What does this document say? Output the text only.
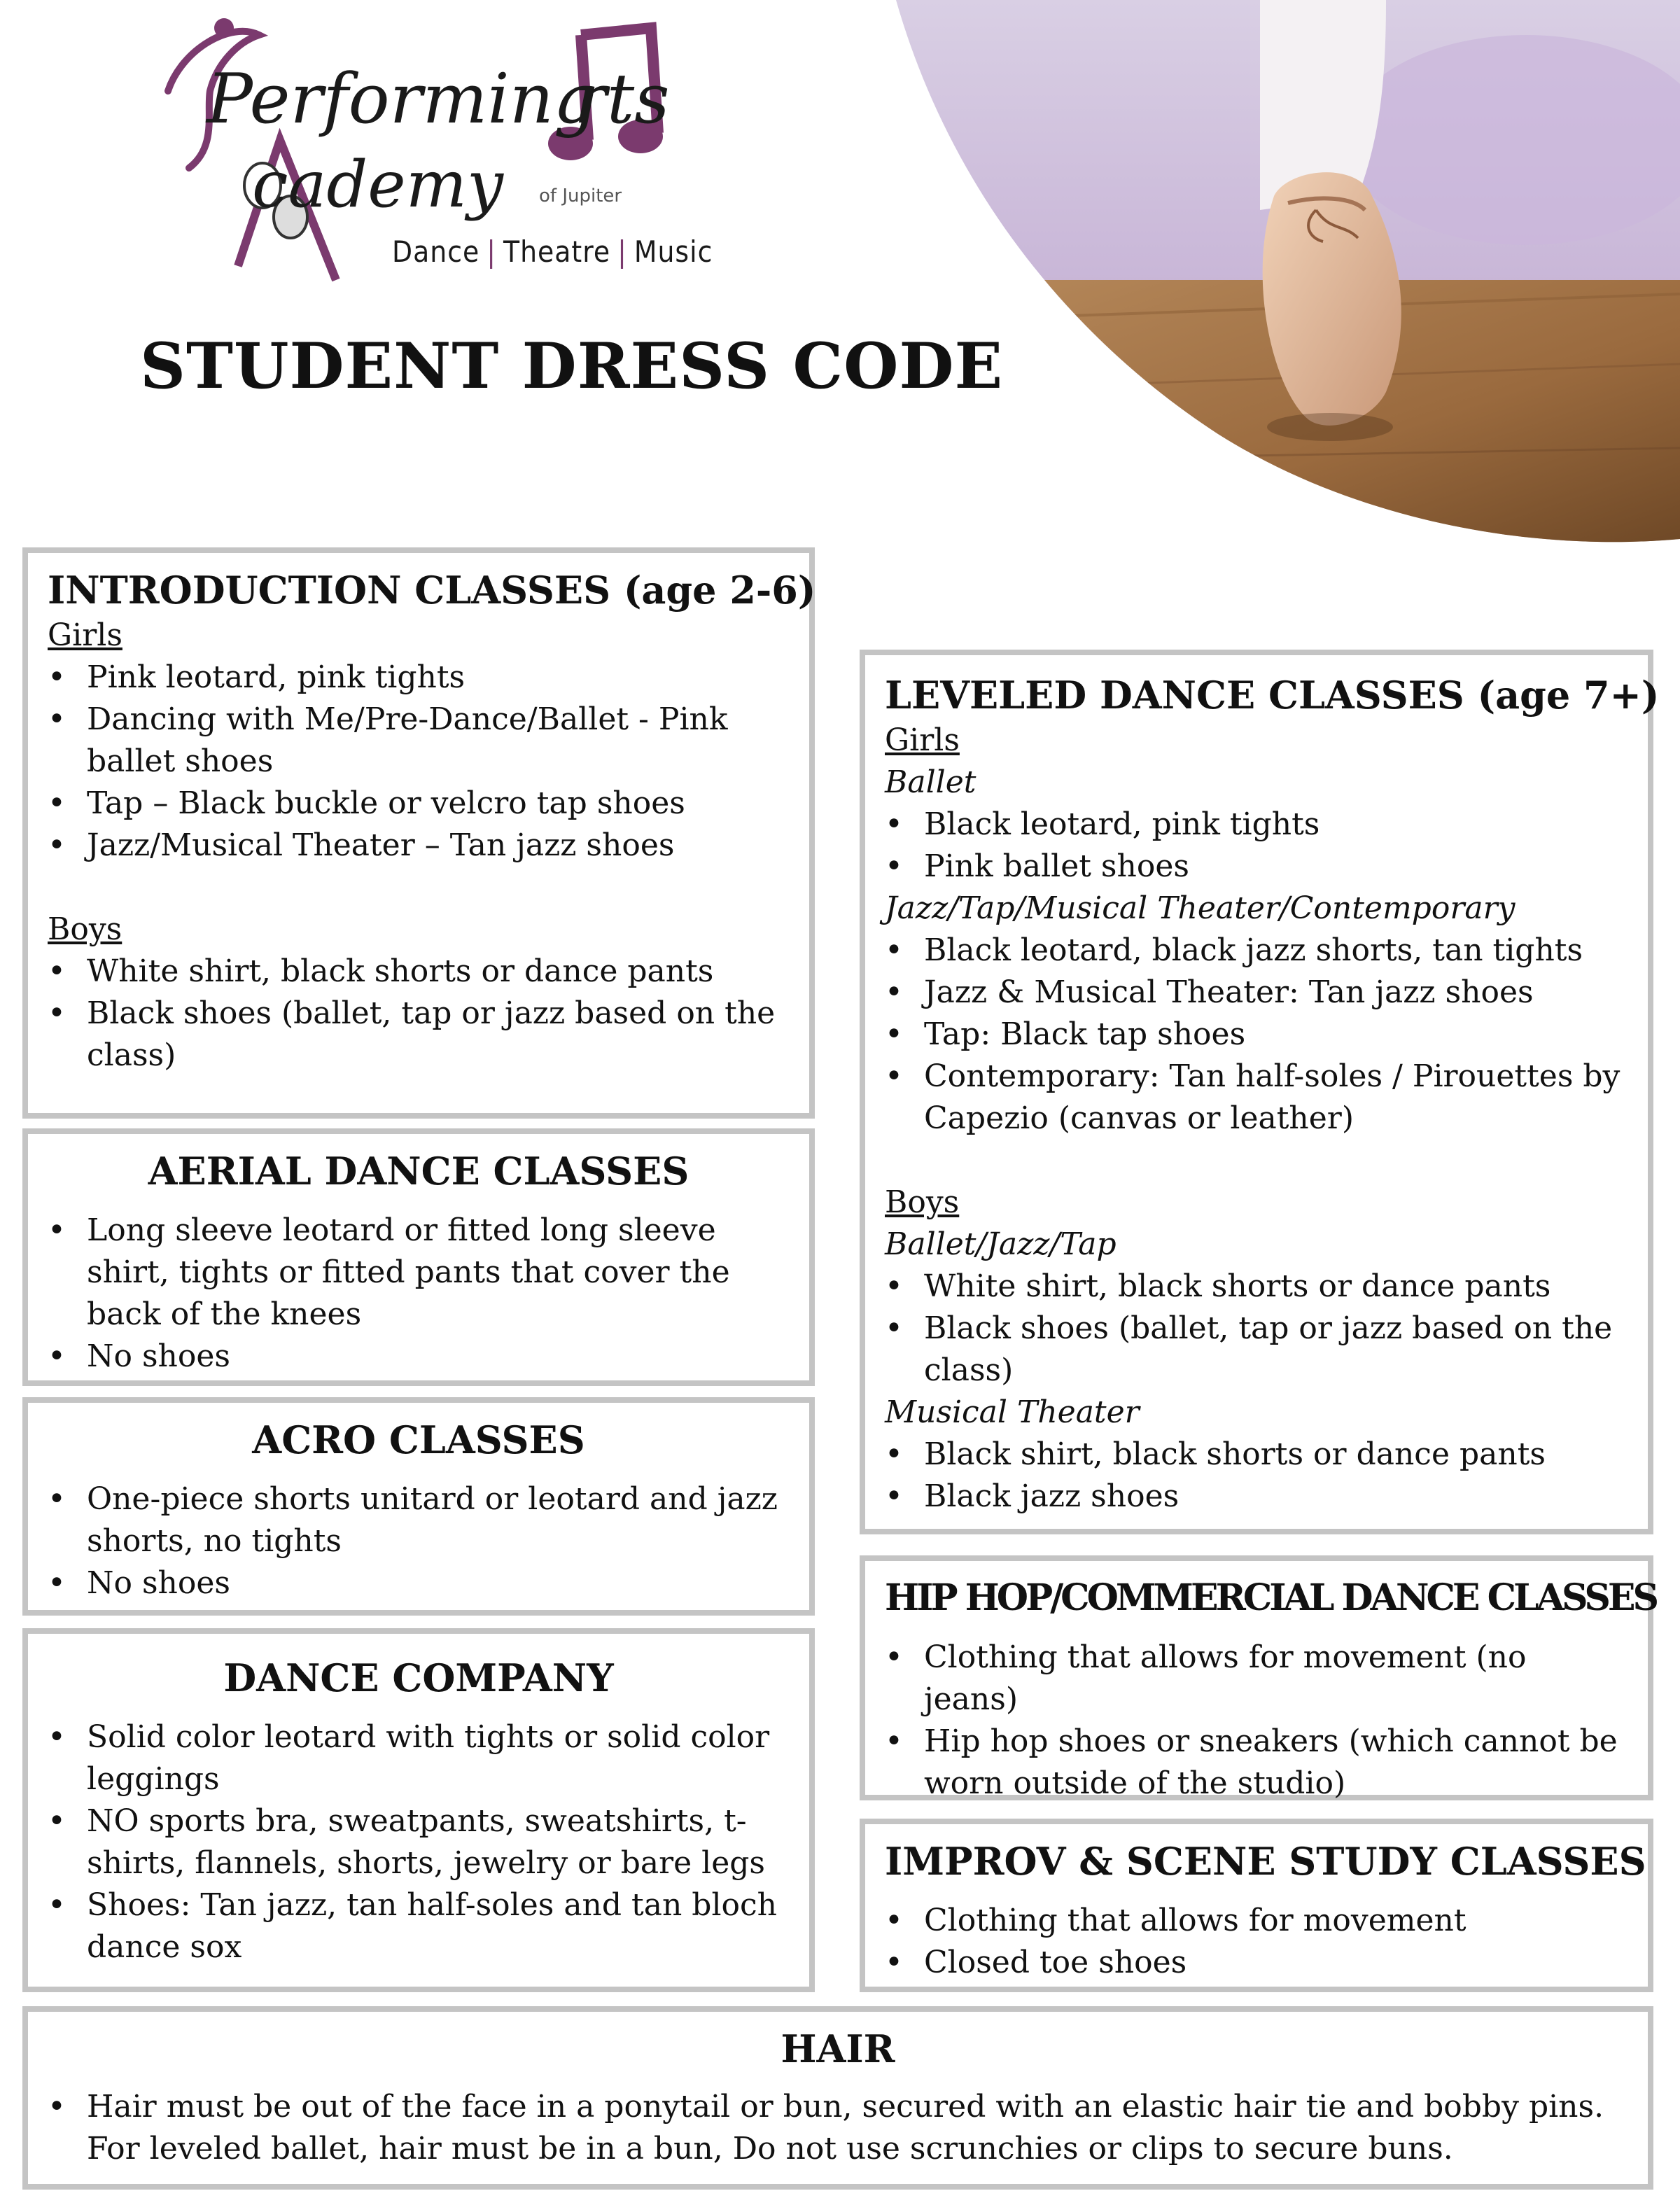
Performing
rts
cademy of Jupiter
Dance | Theatre | Music
STUDENT DRESS CODE
INTRODUCTION CLASSES (age 2-6)
Girls
• Pink leotard, pink tights
• Dancing with Me/Pre-Dance/Ballet - Pink ballet shoes
• Tap – Black buckle or velcro tap shoes
• Jazz/Musical Theater – Tan jazz shoes
Boys
• White shirt, black shorts or dance pants
• Black shoes (ballet, tap or jazz based on the class)
AERIAL DANCE CLASSES
• Long sleeve leotard or fitted long sleeve shirt, tights or fitted pants that cover the back of the knees
• No shoes
ACRO CLASSES
• One-piece shorts unitard or leotard and jazz shorts, no tights
• No shoes
DANCE COMPANY
• Solid color leotard with tights or solid color leggings
• NO sports bra, sweatpants, sweatshirts, t-shirts, flannels, shorts, jewelry or bare legs
• Shoes: Tan jazz, tan half-soles and tan bloch dance sox
LEVELED DANCE CLASSES (age 7+)
Girls
Ballet
• Black leotard, pink tights
• Pink ballet shoes
Jazz/Tap/Musical Theater/Contemporary
• Black leotard, black jazz shorts, tan tights
• Jazz & Musical Theater: Tan jazz shoes
• Tap: Black tap shoes
• Contemporary: Tan half-soles / Pirouettes by Capezio (canvas or leather)
Boys
Ballet/Jazz/Tap
• White shirt, black shorts or dance pants
• Black shoes (ballet, tap or jazz based on the class)
Musical Theater
• Black shirt, black shorts or dance pants
• Black jazz shoes
HIP HOP/COMMERCIAL DANCE CLASSES
• Clothing that allows for movement (no jeans)
• Hip hop shoes or sneakers (which cannot be worn outside of the studio)
IMPROV & SCENE STUDY CLASSES
• Clothing that allows for movement
• Closed toe shoes
HAIR
• Hair must be out of the face in a ponytail or bun, secured with an elastic hair tie and bobby pins. For leveled ballet, hair must be in a bun, Do not use scrunchies or clips to secure buns.
